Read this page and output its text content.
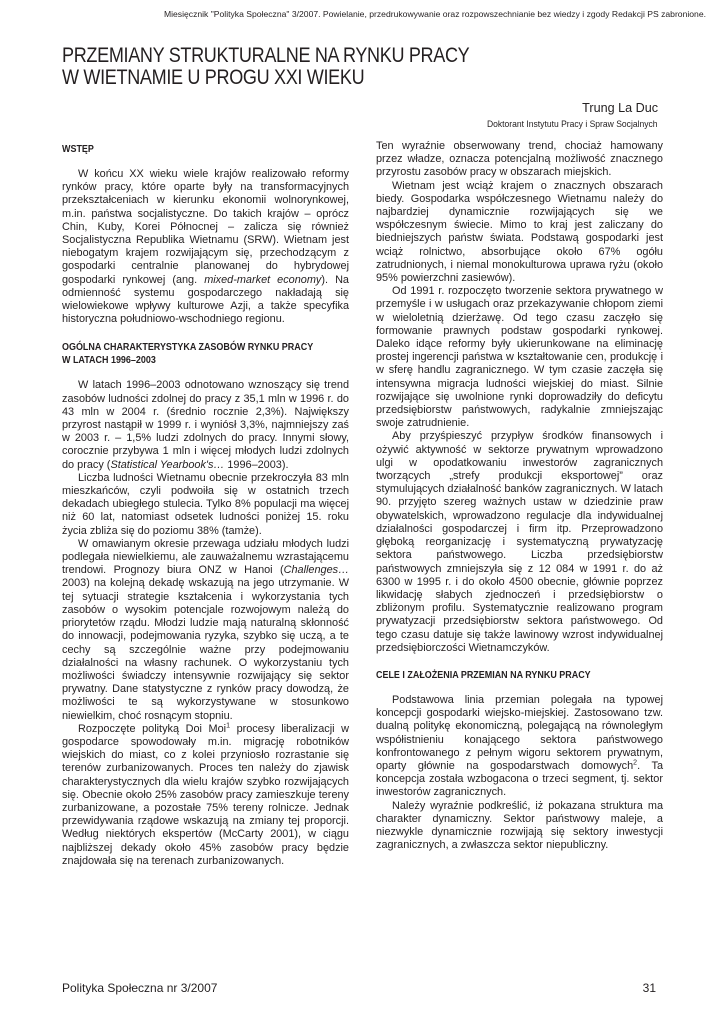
Miesięcznik "Polityka Społeczna" 3/2007. Powielanie, przedrukowywanie oraz rozpowszechnianie bez wiedzy i zgody Redakcji PS zabronione.
PRZEMIANY STRUKTURALNE NA RYNKU PRACY
W WIETNAMIE U PROGU XXI WIEKU
Trung La Duc
Doktorant Instytutu Pracy i Spraw Socjalnych
WSTĘP

W końcu XX wieku wiele krajów realizowało reformy rynków pracy, które oparte były na transformacyjnych przekształceniach w kierunku ekonomii wolnorynkowej, m.in. państwa socjalistyczne. Do takich krajów – oprócz Chin, Kuby, Korei Północnej – zalicza się również Socjalistyczna Republika Wietnamu (SRW). Wietnam jest niebogatym krajem rozwijającym się, przechodzącym z gospodarki centralnie planowanej do hybrydowej gospodarki rynkowej (ang. mixed-market economy). Na odmienność systemu gospodarczego nakładają się wielowiekowe wpływy kulturowe Azji, a także specyfika historyczna południowo-wschodniego regionu.

OGÓLNA CHARAKTERYSTYKA ZASOBÓW RYNKU PRACY
W LATACH 1996–2003

W latach 1996–2003 odnotowano wznoszący się trend zasobów ludności zdolnej do pracy z 35,1 mln w 1996 r. do 43 mln w 2004 r. (średnio rocznie 2,3%). Największy przyrost nastąpił w 1999 r. i wyniósł 3,3%, najmniejszy zaś w 2003 r. – 1,5% ludzi zdolnych do pracy. Innymi słowy, corocznie przybywa 1 mln i więcej młodych ludzi zdolnych do pracy (Statistical Yearbook's… 1996–2003).

Liczba ludności Wietnamu obecnie przekroczyła 83 mln mieszkańców, czyli podwoiła się w ostatnich trzech dekadach ubiegłego stulecia. Tylko 8% populacji ma więcej niż 60 lat, natomiast odsetek ludności poniżej 15. roku życia zbliża się do poziomu 38% (tamże).

W omawianym okresie przewaga udziału młodych ludzi podlegała niewielkiemu, ale zauważalnemu wzrastającemu trendowi. Prognozy biura ONZ w Hanoi (Challenges… 2003) na kolejną dekadę wskazują na jego utrzymanie. W tej sytuacji strategie kształcenia i wykorzystania tych zasobów o wysokim potencjale rozwojowym należą do priorytetów rządu. Młodzi ludzie mają naturalną skłonność do innowacji, podejmowania ryzyka, szybko się uczą, a te cechy są szczególnie ważne przy podejmowaniu działalności na własny rachunek. O wykorzystaniu tych możliwości świadczy intensywnie rozwijający się sektor prywatny. Dane statystyczne z rynków pracy dowodzą, że możliwości te są wykorzystywane w stosunkowo niewielkim, choć rosnącym stopniu.

Rozpoczęte polityką Doi Moi$^1$ procesy liberalizacji w gospodarce spowodowały m.in. migrację robotników wiejskich do miast, co z kolei przyniosło rozrastanie się terenów zurbanizowanych. Proces ten należy do zjawisk charakterystycznych dla wielu krajów szybko rozwijających się. Obecnie około 25% zasobów pracy zamieszkuje tereny zurbanizowane, a pozostałe 75% tereny rolnicze. Jednak przewidywania rządowe wskazują na zmiany tej proporcji. Według niektórych ekspertów (McCarty 2001), w ciągu najbliższej dekady około 45% zasobów pracy będzie znajdowała się na terenach zurbanizowanych.

Ten wyraźnie obserwowany trend, chociaż hamowany przez władze, oznacza potencjalną możliwość znacznego przyrostu zasobów pracy w obszarach miejskich.

Wietnam jest wciąż krajem o znacznych obszarach biedy. Gospodarka współczesnego Wietnamu należy do najbardziej dynamicznie rozwijających się we współczesnym świecie. Mimo to kraj jest zaliczany do biedniejszych państw świata. Podstawą gospodarki jest wciąż rolnictwo, absorbujące około 67% ogółu zatrudnionych, i niemal monokulturowa uprawa ryżu (około 95% powierzchni zasiewów).

Od 1991 r. rozpoczęto tworzenie sektora prywatnego w przemyśle i w usługach oraz przekazywanie chłopom ziemi w wieloletnią dzierżawę. Od tego czasu zaczęło się formowanie prawnych podstaw gospodarki rynkowej. Daleko idące reformy były ukierunkowane na eliminację prostej ingerencji państwa w kształtowanie cen, produkcję i w sferę handlu zagranicznego. W tym czasie zaczęła się intensywna migracja ludności wiejskiej do miast. Silnie rozwijające się uwolnione rynki doprowadziły do deficytu przedsiębiorstw państwowych, radykalnie zmniejszając swoje zatrudnienie.

Aby przyśpieszyć przypływ środków finansowych i ożywić aktywność w sektorze prywatnym wprowadzono ulgi w opodatkowaniu inwestorów zagranicznych tworzących „strefy produkcji eksportowej” oraz stymulujących działalność banków zagranicznych. W latach 90. przyjęto szereg ważnych ustaw w dziedzinie praw obywatelskich, wprowadzono regulacje dla indywidualnej działalności gospodarczej i firm itp. Przeprowadzono głęboką reorganizację i systematyczną prywatyzację sektora państwowego. Liczba przedsiębiorstw państwowych zmniejszyła się z 12 084 w 1991 r. do aż 6300 w 1995 r. i do około 4500 obecnie, głównie poprzez likwidację słabych zjednoczeń i przedsiębiorstw o zbliżonym profilu. Systematycznie realizowano program prywatyzacji przedsiębiorstw sektora państwowego. Od tego czasu datuje się także lawinowy wzrost indywidualnej przedsiębiorczości Wietnamczyków.

CELE I ZAŁOŻENIA PRZEMIAN NA RYNKU PRACY

Podstawowa linia przemian polegała na typowej koncepcji gospodarki wiejsko-miejskiej. Zastosowano tzw. dualną politykę ekonomiczną, polegającą na równoległym współistnieniu konającego sektora państwowego konfrontowanego z pełnym wigoru sektorem prywatnym, oparty głównie na gospodarstwach domowych$^2$. Ta koncepcja została wzbogacona o trzeci segment, tj. sektor inwestorów zagranicznych.

Należy wyraźnie podkreślić, iż pokazana struktura ma charakter dynamiczny. Sektor państwowy maleje, a niezwykle dynamicznie rozwijają się sektory inwestycji zagranicznych, a zwłaszcza sektor niepubliczny.

Polityka Społeczna nr 3/2007	31
